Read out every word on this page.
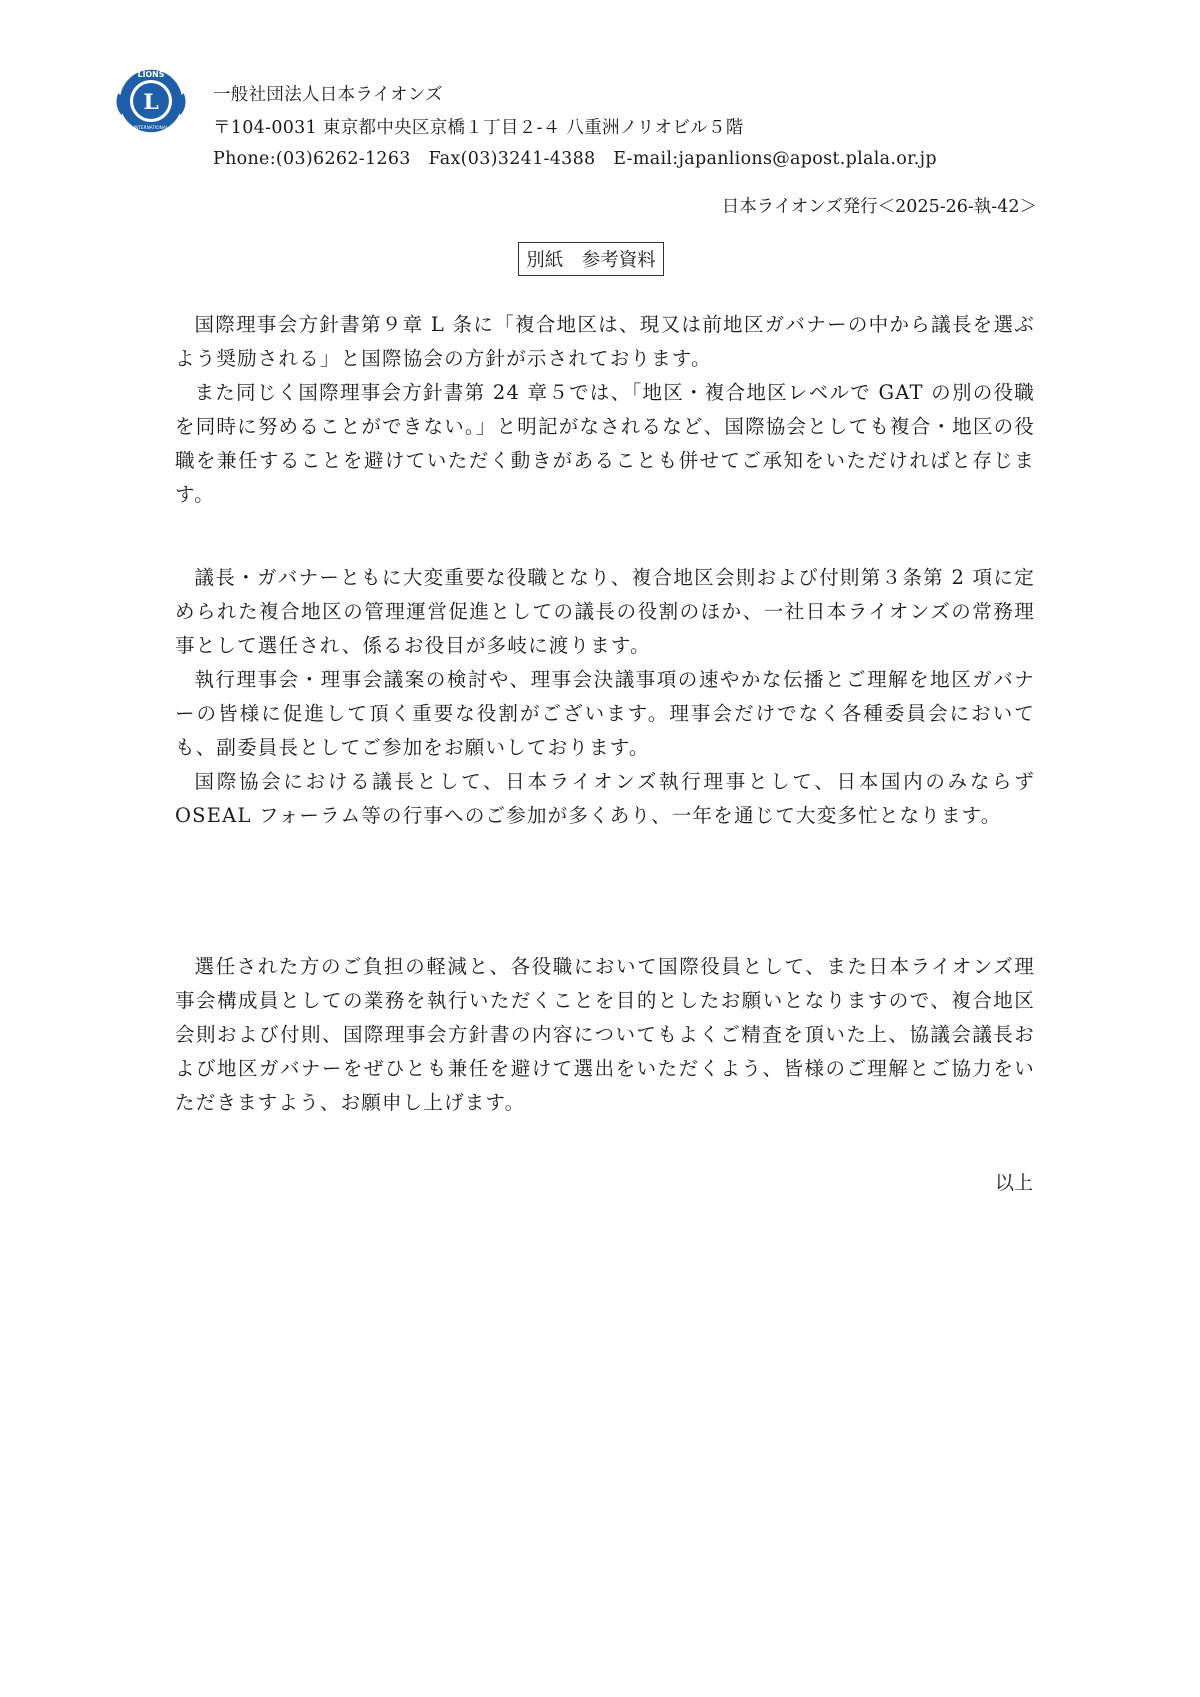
L
LIONS
INTERNATIONAL
一般社団法人日本ライオンズ
〒104-0031 東京都中央区京橋１丁目２-４ 八重洲ノリオビル５階
Phone:(03)6262-1263　Fax(03)3241-4388　E-mail:japanlions@apost.plala.or.jp
日本ライオンズ発行＜2025-26-執-42＞
別紙　参考資料

国際理事会方針書第９章 L 条に「複合地区は、現又は前地区ガバナーの中から議長を選ぶよう奨励される」と国際協会の方針が示されております。

また同じく国際理事会方針書第 24 章５では、「地区・複合地区レベルで GAT の別の役職を同時に努めることができない。」と明記がなされるなど、国際協会としても複合・地区の役職を兼任することを避けていただく動きがあることも併せてご承知をいただければと存じます。

議長・ガバナーともに大変重要な役職となり、複合地区会則および付則第３条第 2 項に定められた複合地区の管理運営促進としての議長の役割のほか、一社日本ライオンズの常務理事として選任され、係るお役目が多岐に渡ります。

執行理事会・理事会議案の検討や、理事会決議事項の速やかな伝播とご理解を地区ガバナーの皆様に促進して頂く重要な役割がございます。理事会だけでなく各種委員会においても、副委員長としてご参加をお願いしております。

国際協会における議長として、日本ライオンズ執行理事として、日本国内のみならず OSEAL フォーラム等の行事へのご参加が多くあり、一年を通じて大変多忙となります。

選任された方のご負担の軽減と、各役職において国際役員として、また日本ライオンズ理事会構成員としての業務を執行いただくことを目的としたお願いとなりますので、複合地区会則および付則、国際理事会方針書の内容についてもよくご精査を頂いた上、協議会議長および地区ガバナーをぜひとも兼任を避けて選出をいただくよう、皆様のご理解とご協力をいただきますよう、お願申し上げます。

以上
